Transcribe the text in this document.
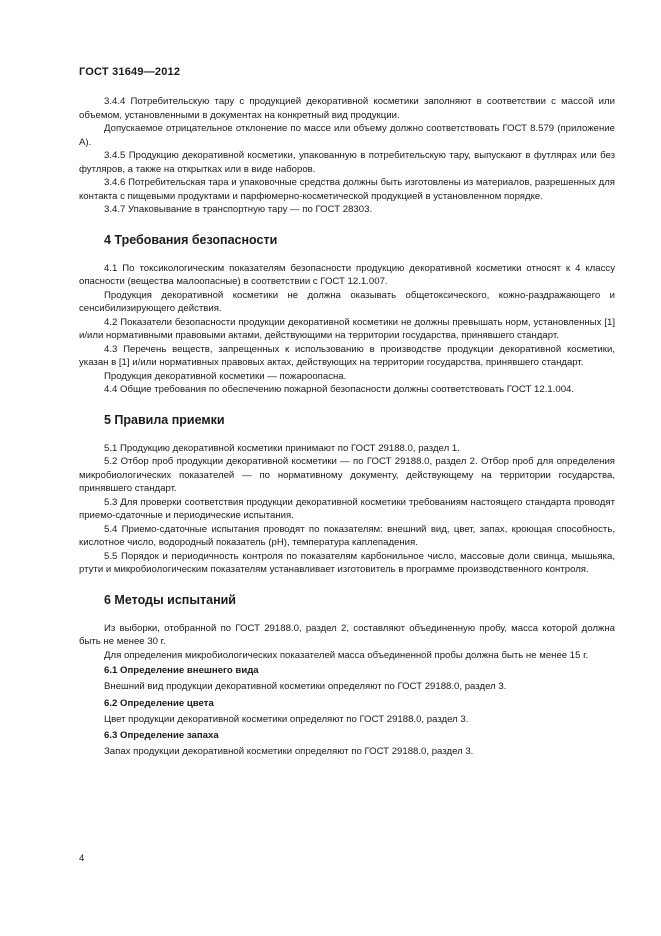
ГОСТ 31649—2012

3.4.4 Потребительскую тару с продукцией декоративной косметики заполняют в соответствии с массой или объемом, установленными в документах на конкретный вид продукции.

Допускаемое отрицательное отклонение по массе или объему должно соответствовать ГОСТ 8.579 (приложение А).

3.4.5 Продукцию декоративной косметики, упакованную в потребительскую тару, выпускают в футлярах или без футляров, а также на открытках или в виде наборов.

3.4.6 Потребительская тара и упаковочные средства должны быть изготовлены из материалов, разрешенных для контакта с пищевыми продуктами и парфюмерно-косметической продукцией в установленном порядке.

3.4.7 Упаковывание в транспортную тару — по ГОСТ 28303.

4 Требования безопасности

4.1 По токсикологическим показателям безопасности продукцию декоративной косметики относят к 4 классу опасности (вещества малоопасные) в соответствии с ГОСТ 12.1.007.

Продукция декоративной косметики не должна оказывать общетоксического, кожно-раздражающего и сенсибилизирующего действия.

4.2 Показатели безопасности продукции декоративной косметики не должны превышать норм, установленных [1] и/или нормативными правовыми актами, действующими на территории государства, принявшего стандарт.

4.3 Перечень веществ, запрещенных к использованию в производстве продукции декоративной косметики, указан в [1] и/или нормативных правовых актах, действующих на территории государства, принявшего стандарт.

Продукция декоративной косметики — пожароопасна.

4.4 Общие требования по обеспечению пожарной безопасности должны соответствовать ГОСТ 12.1.004.

5 Правила приемки

5.1 Продукцию декоративной косметики принимают по ГОСТ 29188.0, раздел 1.

5.2 Отбор проб продукции декоративной косметики — по ГОСТ 29188.0, раздел 2. Отбор проб для определения микробиологических показателей — по нормативному документу, действующему на территории государства, принявшего стандарт.

5.3 Для проверки соответствия продукции декоративной косметики требованиям настоящего стандарта проводят приемо-сдаточные и периодические испытания.

5.4 Приемо-сдаточные испытания проводят по показателям: внешний вид, цвет, запах, кроющая способность, кислотное число, водородный показатель (рН), температура каплепадения.

5.5 Порядок и периодичность контроля по показателям карбонильное число, массовые доли свинца, мышьяка, ртути и микробиологическим показателям устанавливает изготовитель в программе производственного контроля.

6 Методы испытаний

Из выборки, отобранной по ГОСТ 29188.0, раздел 2, составляют объединенную пробу, масса которой должна быть не менее 30 г.

Для определения микробиологических показателей масса объединенной пробы должна быть не менее 15 г.

6.1 Определение внешнего вида

Внешний вид продукции декоративной косметики определяют по ГОСТ 29188.0, раздел 3.

6.2 Определение цвета

Цвет продукции декоративной косметики определяют по ГОСТ 29188.0, раздел 3.

6.3 Определение запаха

Запах продукции декоративной косметики определяют по ГОСТ 29188.0, раздел 3.

4
